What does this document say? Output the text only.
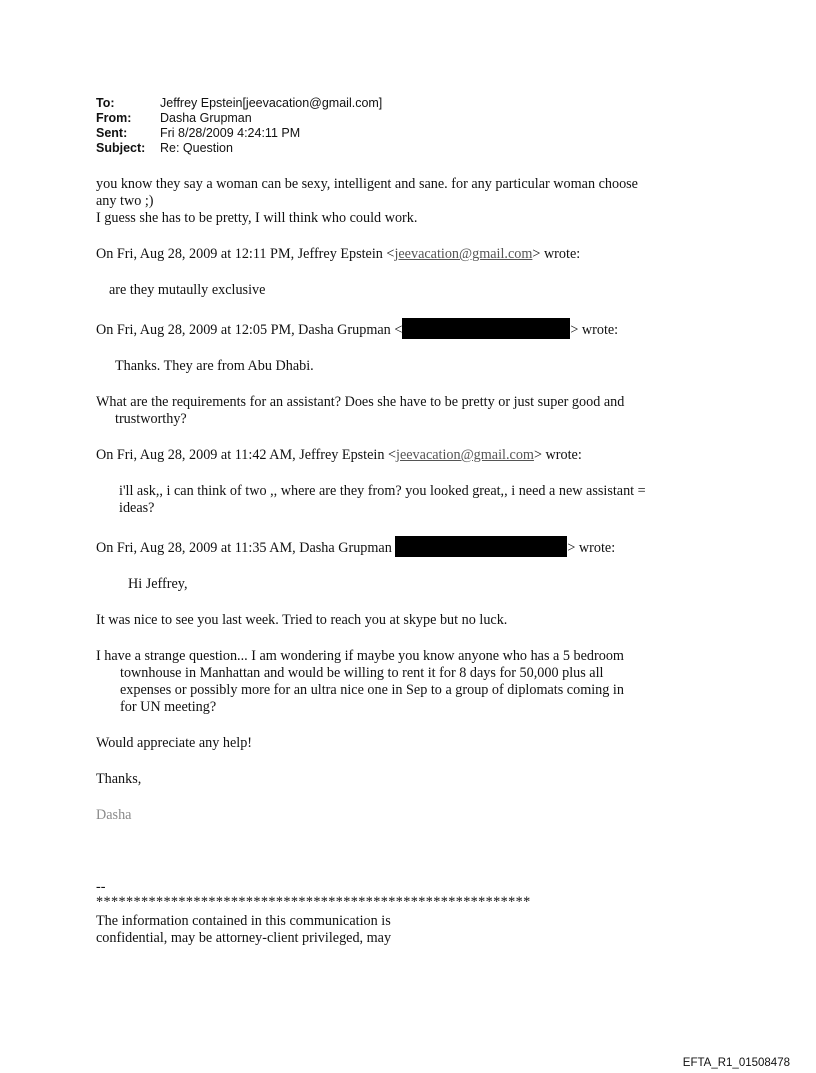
To:	Jeffrey Epstein[jeevacation@gmail.com]
From:	Dasha Grupman
Sent:	Fri 8/28/2009 4:24:11 PM
Subject:	Re: Question

you know they say a woman can be sexy, intelligent and sane. for any particular woman choose

any two ;)

I guess she has to be pretty, I will think who could work.

On Fri, Aug 28, 2009 at 12:11 PM, Jeffrey Epstein <jeevacation@gmail.com> wrote:

are they mutaully exclusive

On Fri, Aug 28, 2009 at 12:05 PM, Dasha Grupman <	> wrote:

Thanks. They are from Abu Dhabi.

What are the requirements for an assistant? Does she have to be pretty or just super good and

trustworthy?

On Fri, Aug 28, 2009 at 11:42 AM, Jeffrey Epstein <jeevacation@gmail.com> wrote:

i'll ask,, i can think of two ,, where are they from? you looked great,, i need a new assistant =

ideas?

On Fri, Aug 28, 2009 at 11:35 AM, Dasha Grupman	> wrote:

Hi Jeffrey,

It was nice to see you last week. Tried to reach you at skype but no luck.

I have a strange question... I am wondering if maybe you know anyone who has a 5 bedroom

townhouse in Manhattan and would be willing to rent it for 8 days for 50,000 plus all

expenses or possibly more for an ultra nice one in Sep to a group of diplomats coming in

for UN meeting?

Would appreciate any help!

Thanks,

Dasha

--

**********************************************************

The information contained in this communication is

confidential, may be attorney-client privileged, may

EFTA_R1_01508478
